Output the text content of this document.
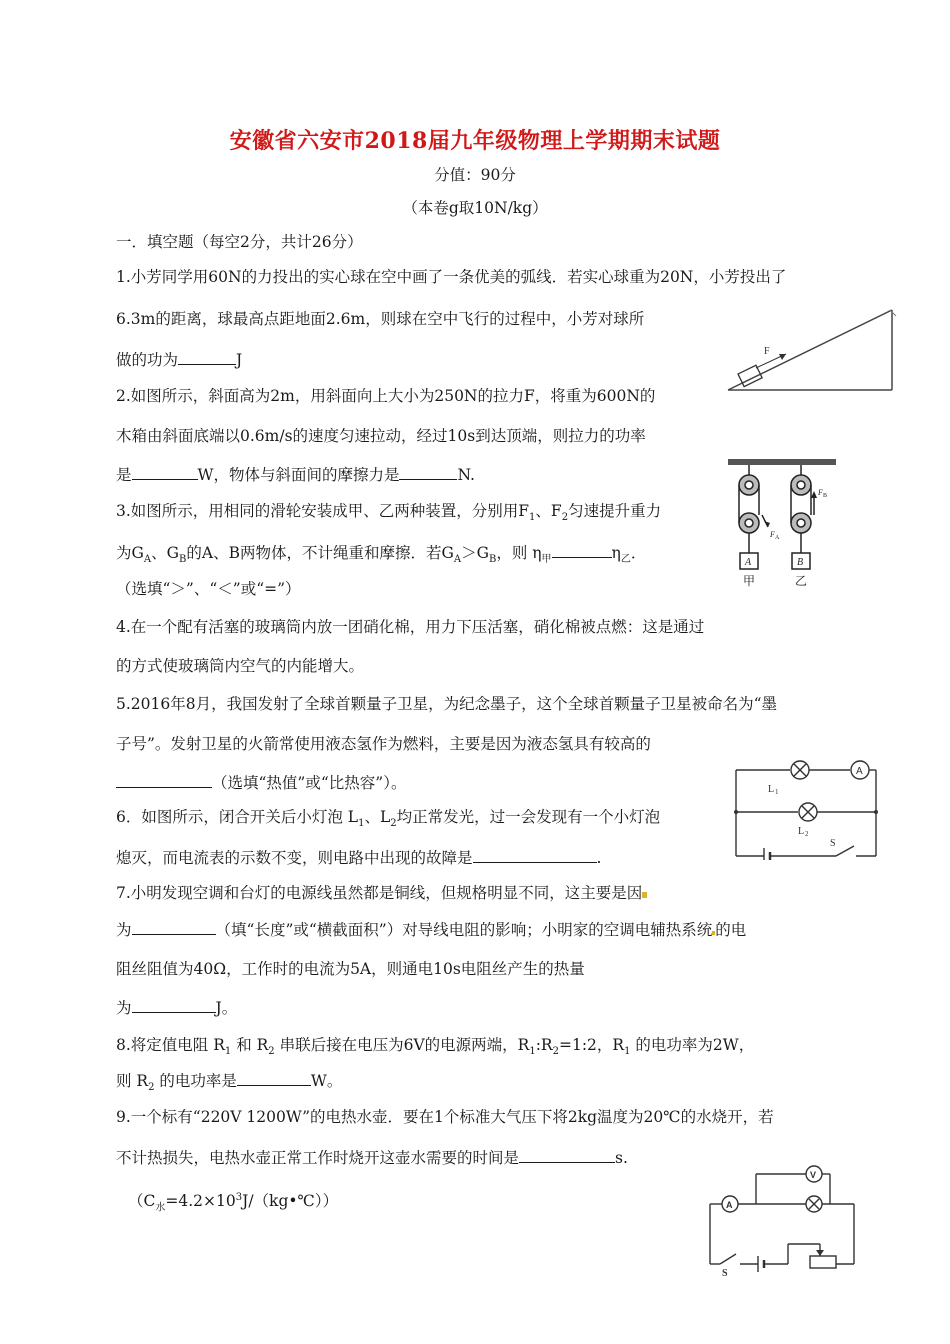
安徽省六安市2018届九年级物理上学期期末试题
分值：90分
（本卷g取10N/kg）
一．填空题（每空2分，共计26分）
1.小芳同学用60N的力投出的实心球在空中画了一条优美的弧线．若实心球重为20N，小芳投出了
6.3m的距离，球最高点距地面2.6m，则球在空中飞行的过程中，小芳对球所
做的功为	J
2.如图所示，斜面高为2m，用斜面向上大小为250N的拉力F，将重为600N的
木箱由斜面底端以0.6m/s的速度匀速拉动，经过10s到达顶端，则拉力的功率
是	W，物体与斜面间的摩擦力是	N.
3.如图所示，用相同的滑轮安装成甲、乙两种装置，分别用$F_1$、$F_2$匀速提升重力
为$G_A$、$G_B$的A、B两物体，不计绳重和摩擦．若$G_A>G_B$，则 $\eta_甲$	$\eta_乙$．
（选填“＞”、“＜”或“=”）
4.在一个配有活塞的玻璃筒内放一团硝化棉，用力下压活塞，硝化棉被点燃：这是通过
的方式使玻璃筒内空气的内能增大。
5.2016年8月，我国发射了全球首颗量子卫星，为纪念墨子，这个全球首颗量子卫星被命名为“墨
子号”。发射卫星的火箭常使用液态氢作为燃料，主要是因为液态氢具有较高的
（选填“热值”或“比热容”）。
6．如图所示，闭合开关后小灯泡 $L_1$、$L_2$均正常发光，过一会发现有一个小灯泡
熄灭，而电流表的示数不变，则电路中出现的故障是	.
7.小明发现空调和台灯的电源线虽然都是铜线，但规格明显不同，这主要是因
为	（填“长度”或“横截面积”）对导线电阻的影响；小明家的空调电辅热系统 的电
阻丝阻值为40Ω，工作时的电流为5A，则通电10s电阻丝产生的热量
为	J。
8.将定值电阻 $R_1$ 和 $R_2$ 串联后接在电压为6V的电源两端，$R_1:R_2=1:2$，$R_1$ 的电功率为2W，
则 $R_2$ 的电功率是	W。
9.一个标有“220V 1200W”的电热水壶．要在1个标准大气压下将2kg温度为20℃的水烧开，若
不计热损失，电热水壶正常工作时烧开这壶水需要的时间是	s.
$(C_水=4.2\times 10^3J/(kg•℃))$
F
F A
F B
A	B
甲	乙
A
L 1
L 2
S
V
A
S
